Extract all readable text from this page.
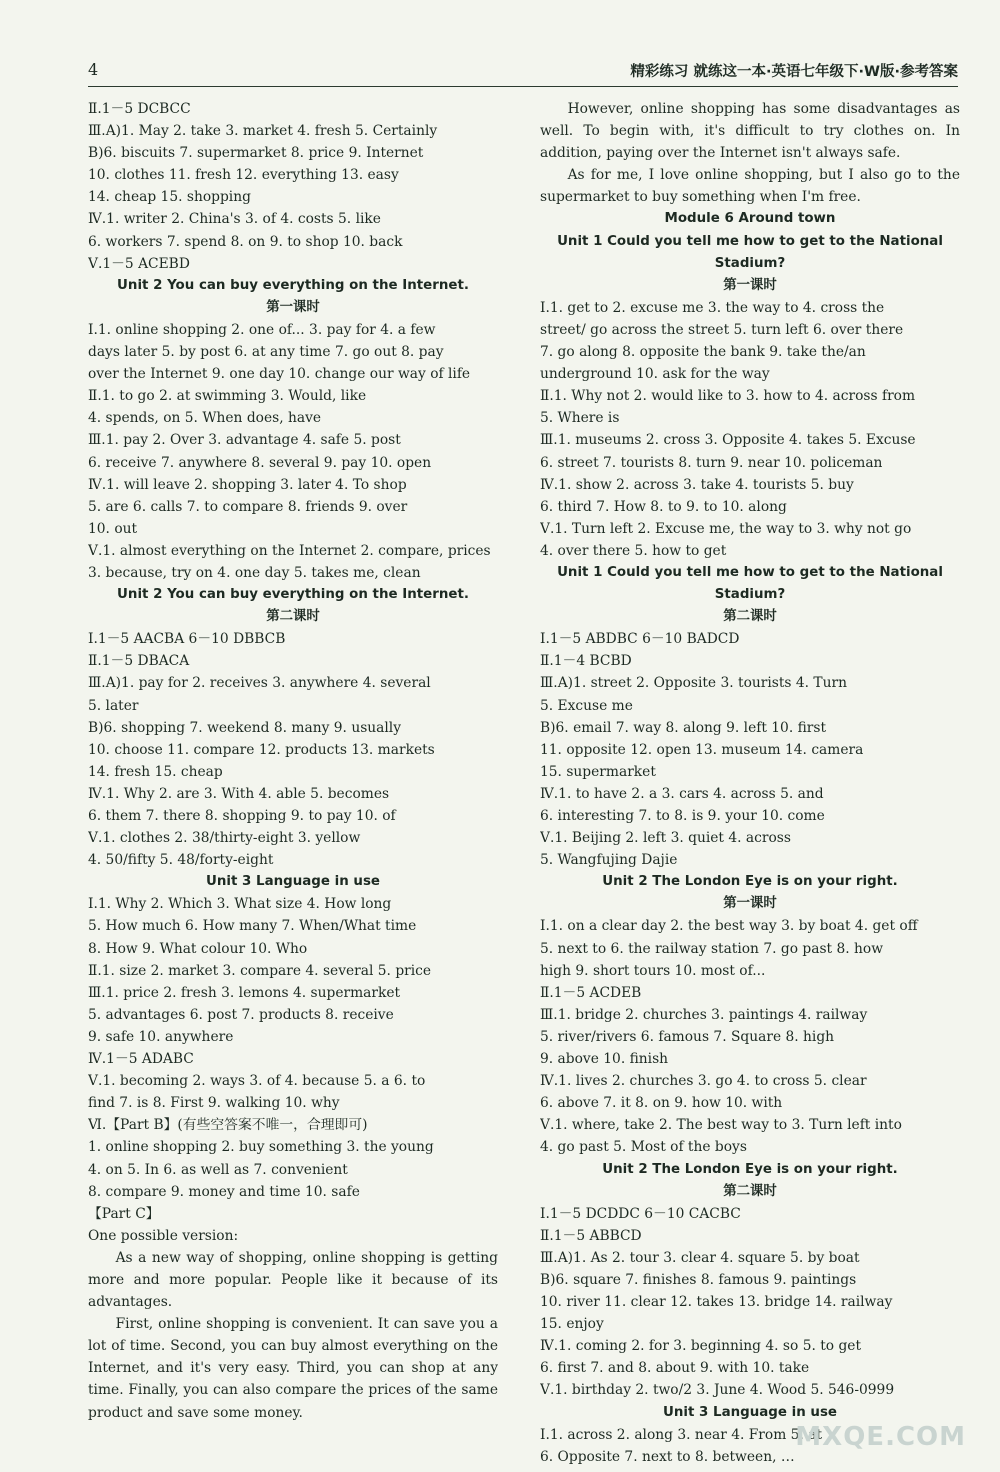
4	精彩练习 就练这一本·英语七年级下·W版·参考答案
Ⅱ.1－5 DCBCC
Ⅲ.A)1. May 2. take 3. market 4. fresh 5. Certainly
B)6. biscuits 7. supermarket 8. price 9. Internet
10. clothes 11. fresh 12. everything 13. easy
14. cheap 15. shopping
Ⅳ.1. writer 2. China's 3. of 4. costs 5. like
6. workers 7. spend 8. on 9. to shop 10. back
Ⅴ.1－5 ACEBD
Unit 2 You can buy everything on the Internet.
第一课时
Ⅰ.1. online shopping 2. one of... 3. pay for 4. a few
days later 5. by post 6. at any time 7. go out 8. pay
over the Internet 9. one day 10. change our way of life
Ⅱ.1. to go 2. at swimming 3. Would, like
4. spends, on 5. When does, have
Ⅲ.1. pay 2. Over 3. advantage 4. safe 5. post
6. receive 7. anywhere 8. several 9. pay 10. open
Ⅳ.1. will leave 2. shopping 3. later 4. To shop
5. are 6. calls 7. to compare 8. friends 9. over
10. out
Ⅴ.1. almost everything on the Internet 2. compare, prices
3. because, try on 4. one day 5. takes me, clean
Unit 2 You can buy everything on the Internet.
第二课时
Ⅰ.1－5 AACBA 6－10 DBBCB
Ⅱ.1－5 DBACA
Ⅲ.A)1. pay for 2. receives 3. anywhere 4. several
5. later
B)6. shopping 7. weekend 8. many 9. usually
10. choose 11. compare 12. products 13. markets
14. fresh 15. cheap
Ⅳ.1. Why 2. are 3. With 4. able 5. becomes
6. them 7. there 8. shopping 9. to pay 10. of
Ⅴ.1. clothes 2. 38/thirty-eight 3. yellow
4. 50/fifty 5. 48/forty-eight
Unit 3 Language in use
Ⅰ.1. Why 2. Which 3. What size 4. How long
5. How much 6. How many 7. When/What time
8. How 9. What colour 10. Who
Ⅱ.1. size 2. market 3. compare 4. several 5. price
Ⅲ.1. price 2. fresh 3. lemons 4. supermarket
5. advantages 6. post 7. products 8. receive
9. safe 10. anywhere
Ⅳ.1－5 ADABC
Ⅴ.1. becoming 2. ways 3. of 4. because 5. a 6. to
find 7. is 8. First 9. walking 10. why
Ⅵ.【Part B】(有些空答案不唯一，合理即可)
1. online shopping 2. buy something 3. the young
4. on 5. In 6. as well as 7. convenient
8. compare 9. money and time 10. safe
【Part C】
One possible version:
As a new way of shopping, online shopping is getting more and more popular. People like it because of its advantages.
First, online shopping is convenient. It can save you a lot of time. Second, you can buy almost everything on the Internet, and it's very easy. Third, you can shop at any time. Finally, you can also compare the prices of the same product and save some money.
However, online shopping has some disadvantages as well. To begin with, it's difficult to try clothes on. In addition, paying over the Internet isn't always safe.
As for me, I love online shopping, but I also go to the supermarket to buy something when I'm free.
Module 6 Around town
Unit 1 Could you tell me how to get to the National Stadium?
第一课时
Ⅰ.1. get to 2. excuse me 3. the way to 4. cross the
street/ go across the street 5. turn left 6. over there
7. go along 8. opposite the bank 9. take the/an
underground 10. ask for the way
Ⅱ.1. Why not 2. would like to 3. how to 4. across from
5. Where is
Ⅲ.1. museums 2. cross 3. Opposite 4. takes 5. Excuse
6. street 7. tourists 8. turn 9. near 10. policeman
Ⅳ.1. show 2. across 3. take 4. tourists 5. buy
6. third 7. How 8. to 9. to 10. along
Ⅴ.1. Turn left 2. Excuse me, the way to 3. why not go
4. over there 5. how to get
Unit 1 Could you tell me how to get to the National Stadium?
第二课时
Ⅰ.1－5 ABDBC 6－10 BADCD
Ⅱ.1－4 BCBD
Ⅲ.A)1. street 2. Opposite 3. tourists 4. Turn
5. Excuse me
B)6. email 7. way 8. along 9. left 10. first
11. opposite 12. open 13. museum 14. camera
15. supermarket
Ⅳ.1. to have 2. a 3. cars 4. across 5. and
6. interesting 7. to 8. is 9. your 10. come
Ⅴ.1. Beijing 2. left 3. quiet 4. across
5. Wangfujing Dajie
Unit 2 The London Eye is on your right.
第一课时
Ⅰ.1. on a clear day 2. the best way 3. by boat 4. get off
5. next to 6. the railway station 7. go past 8. how
high 9. short tours 10. most of...
Ⅱ.1－5 ACDEB
Ⅲ.1. bridge 2. churches 3. paintings 4. railway
5. river/rivers 6. famous 7. Square 8. high
9. above 10. finish
Ⅳ.1. lives 2. churches 3. go 4. to cross 5. clear
6. above 7. it 8. on 9. how 10. with
Ⅴ.1. where, take 2. The best way to 3. Turn left into
4. go past 5. Most of the boys
Unit 2 The London Eye is on your right.
第二课时
Ⅰ.1－5 DCDDC 6－10 CACBC
Ⅱ.1－5 ABBCD
Ⅲ.A)1. As 2. tour 3. clear 4. square 5. by boat
B)6. square 7. finishes 8. famous 9. paintings
10. river 11. clear 12. takes 13. bridge 14. railway
15. enjoy
Ⅳ.1. coming 2. for 3. beginning 4. so 5. to get
6. first 7. and 8. about 9. with 10. take
Ⅴ.1. birthday 2. two/2 3. June 4. Wood 5. 546-0999
Unit 3 Language in use
Ⅰ.1. across 2. along 3. near 4. From 5. at
6. Opposite 7. next to 8. between, …
MXQE.COM
